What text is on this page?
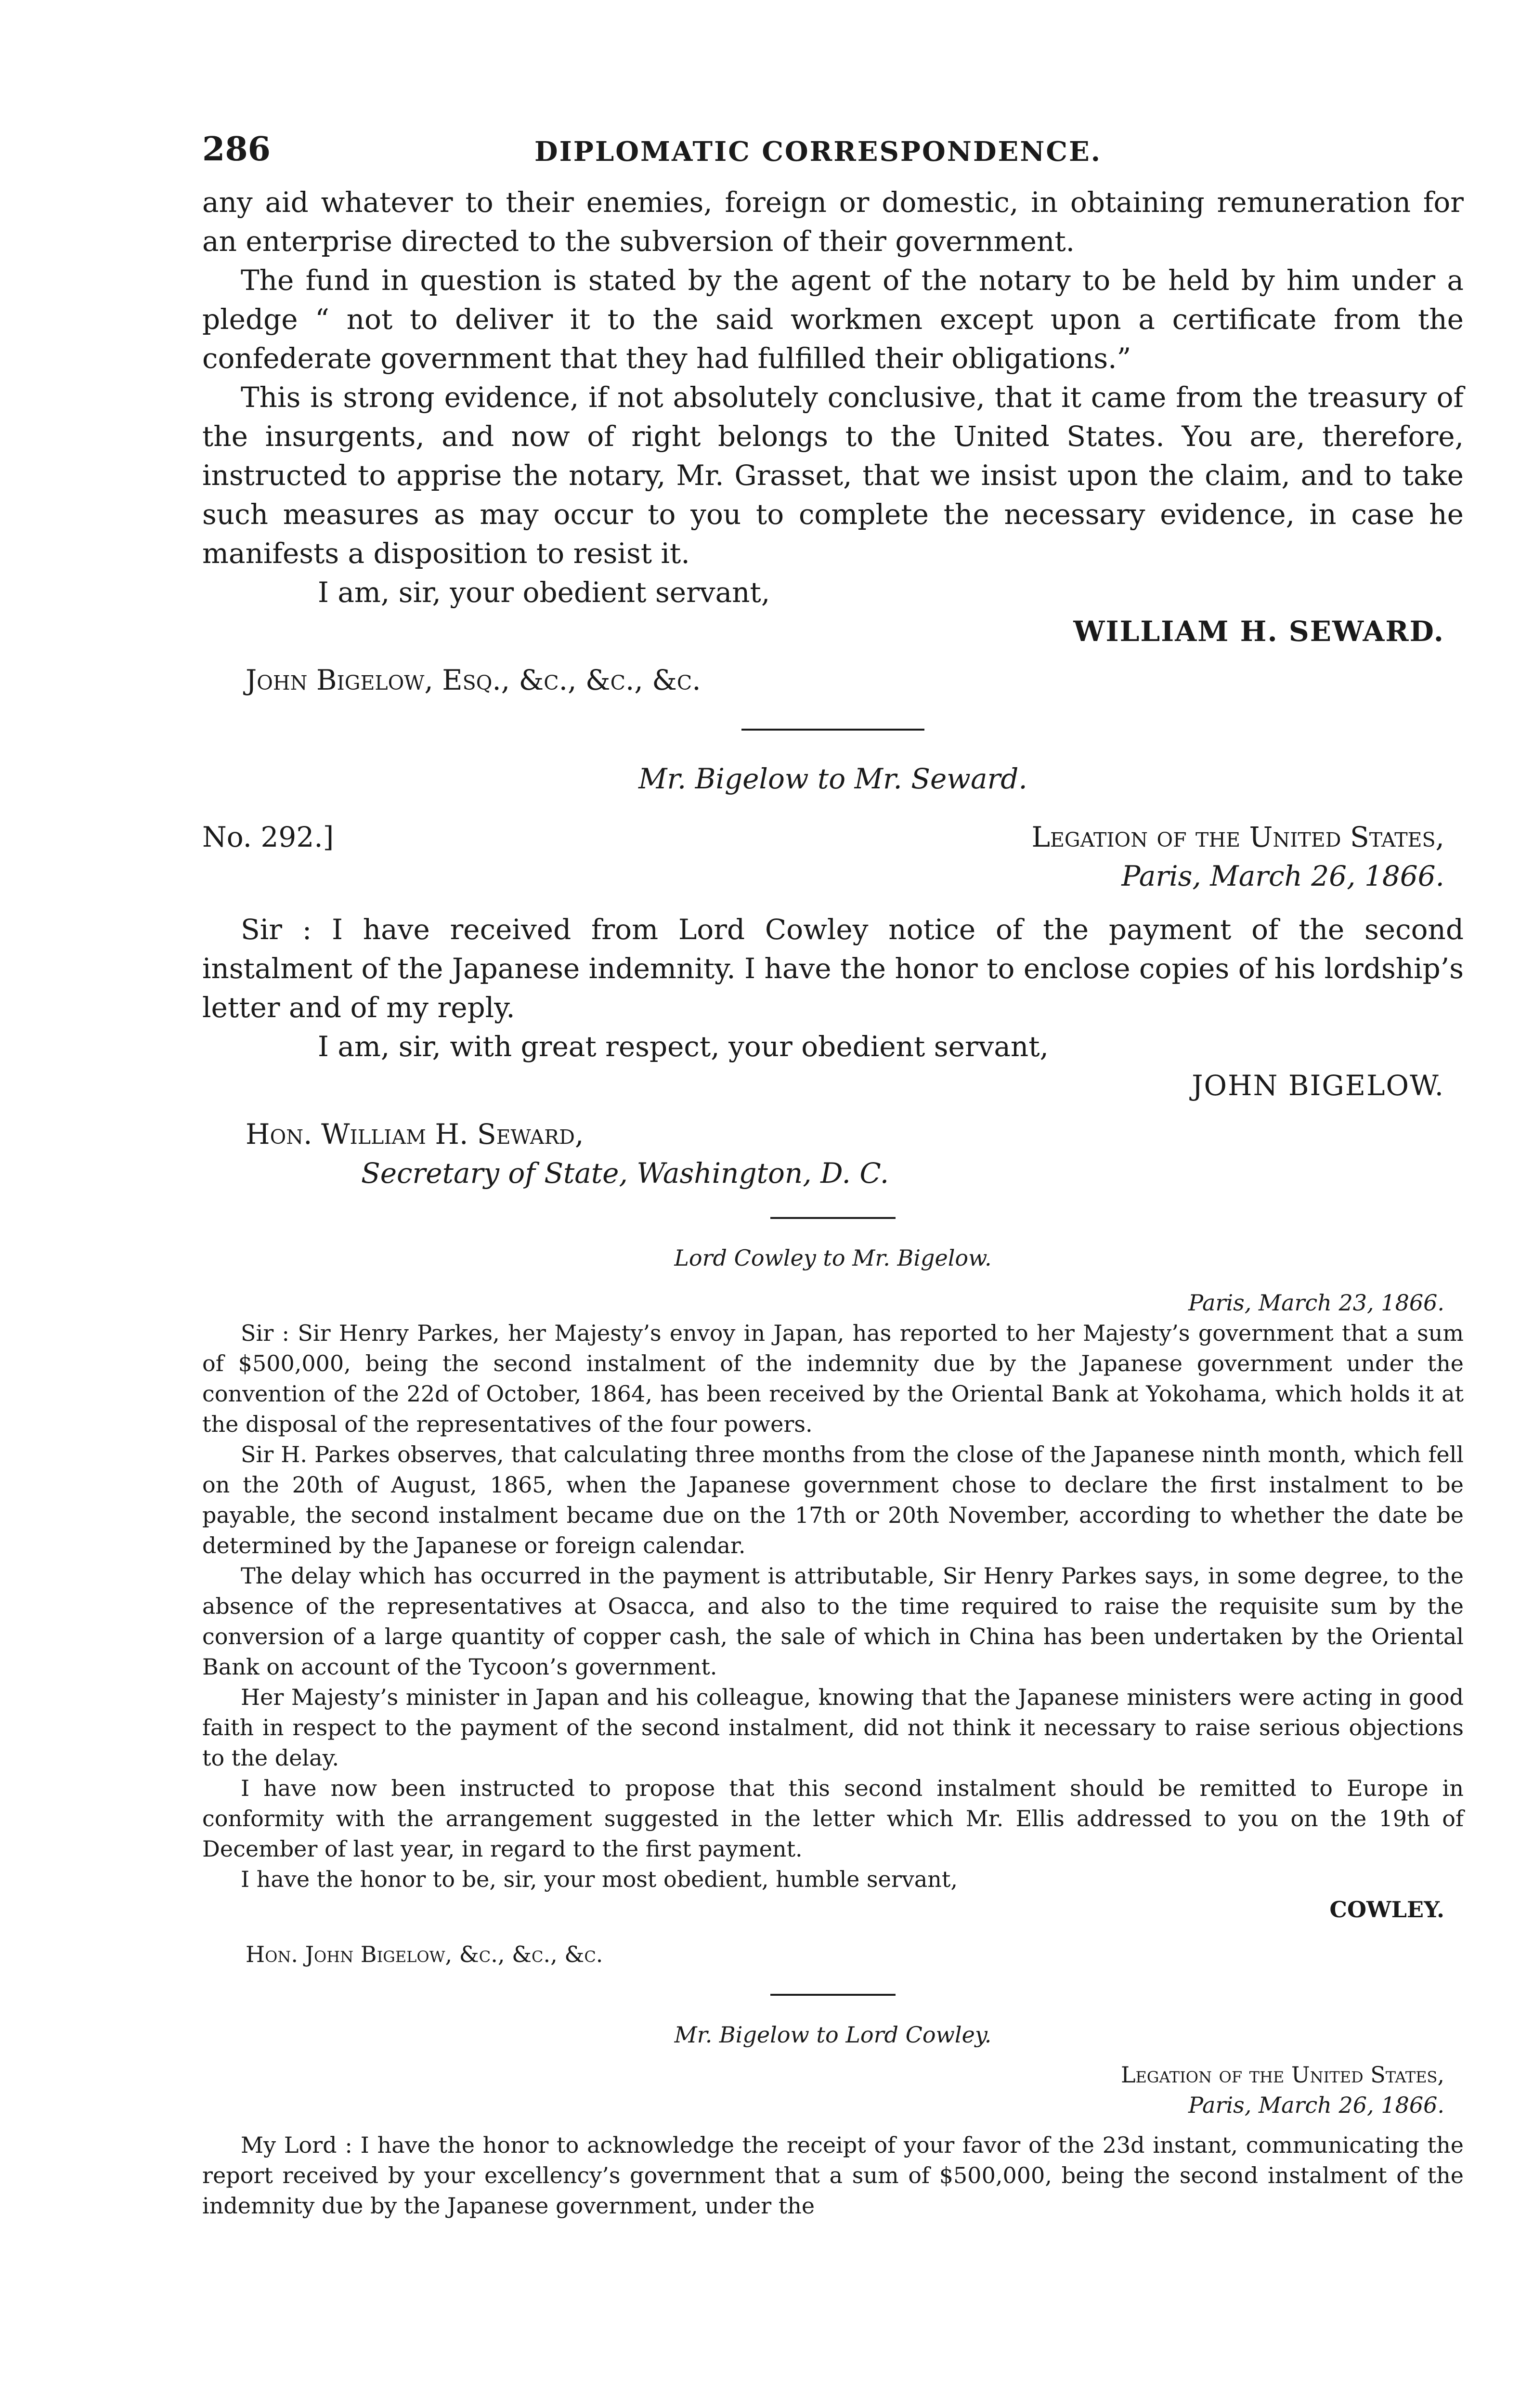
286	DIPLOMATIC CORRESPONDENCE.

any aid whatever to their enemies, foreign or domestic, in obtaining remuneration for an enterprise directed to the subversion of their government.

The fund in question is stated by the agent of the notary to be held by him under a pledge “ not to deliver it to the said workmen except upon a certificate from the confederate government that they had fulfilled their obligations.”

This is strong evidence, if not absolutely conclusive, that it came from the treasury of the insurgents, and now of right belongs to the United States. You are, therefore, instructed to apprise the notary, Mr. Grasset, that we insist upon the claim, and to take such measures as may occur to you to complete the necessary evidence, in case he manifests a disposition to resist it.

I am, sir, your obedient servant,

WILLIAM H. SEWARD.

John Bigelow, Esq., &c., &c., &c.

Mr. Bigelow to Mr. Seward.

No. 292.]	Legation of the United States,

Paris, March 26, 1866.

Sir : I have received from Lord Cowley notice of the payment of the second instalment of the Japanese indemnity. I have the honor to enclose copies of his lordship’s letter and of my reply.

I am, sir, with great respect, your obedient servant,

JOHN BIGELOW.

Hon. William H. Seward,

Secretary of State, Washington, D. C.

Lord Cowley to Mr. Bigelow.

Paris, March 23, 1866.

Sir : Sir Henry Parkes, her Majesty’s envoy in Japan, has reported to her Majesty’s government that a sum of $500,000, being the second instalment of the indemnity due by the Japanese government under the convention of the 22d of October, 1864, has been received by the Oriental Bank at Yokohama, which holds it at the disposal of the representatives of the four powers.

Sir H. Parkes observes, that calculating three months from the close of the Japanese ninth month, which fell on the 20th of August, 1865, when the Japanese government chose to declare the first instalment to be payable, the second instalment became due on the 17th or 20th November, according to whether the date be determined by the Japanese or foreign calendar.

The delay which has occurred in the payment is attributable, Sir Henry Parkes says, in some degree, to the absence of the representatives at Osacca, and also to the time required to raise the requisite sum by the conversion of a large quantity of copper cash, the sale of which in China has been undertaken by the Oriental Bank on account of the Tycoon’s government.

Her Majesty’s minister in Japan and his colleague, knowing that the Japanese ministers were acting in good faith in respect to the payment of the second instalment, did not think it necessary to raise serious objections to the delay.

I have now been instructed to propose that this second instalment should be remitted to Europe in conformity with the arrangement suggested in the letter which Mr. Ellis addressed to you on the 19th of December of last year, in regard to the first payment.

I have the honor to be, sir, your most obedient, humble servant,

COWLEY.

Hon. John Bigelow, &c., &c., &c.

Mr. Bigelow to Lord Cowley.

Legation of the United States,

Paris, March 26, 1866.

My Lord : I have the honor to acknowledge the receipt of your favor of the 23d instant, communicating the report received by your excellency’s government that a sum of $500,000, being the second instalment of the indemnity due by the Japanese government, under the
